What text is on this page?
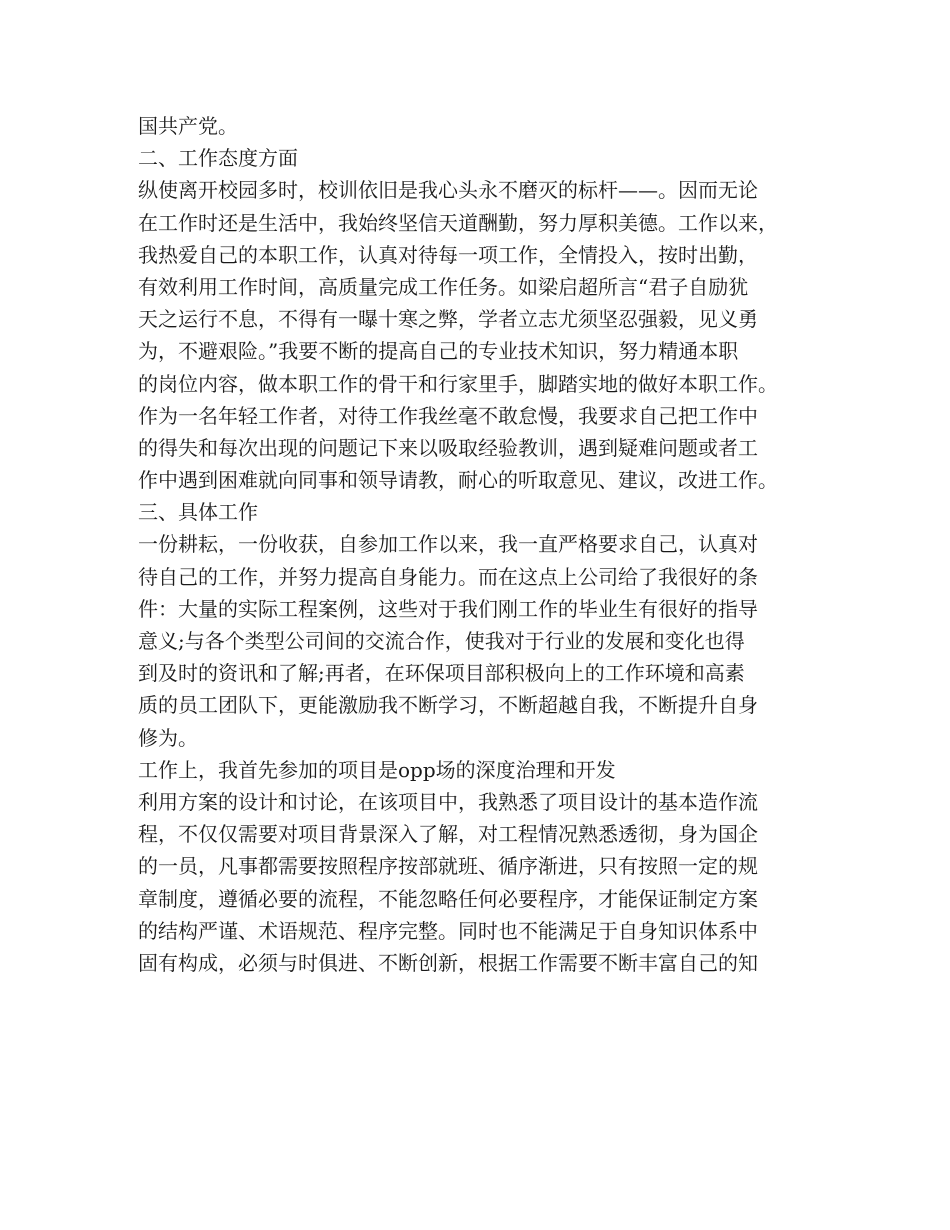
国共产党。
二、工作态度方面
纵使离开校园多时，校训依旧是我心头永不磨灭的标杆——。因而无论
在工作时还是生活中，我始终坚信天道酬勤，努力厚积美德。工作以来，
我热爱自己的本职工作，认真对待每一项工作，全情投入，按时出勤，
有效利用工作时间，高质量完成工作任务。如梁启超所言“君子自励犹
天之运行不息，不得有一曝十寒之弊，学者立志尤须坚忍强毅，见义勇
为，不避艰险。”我要不断的提高自己的专业技术知识，努力精通本职
的岗位内容，做本职工作的骨干和行家里手，脚踏实地的做好本职工作。
作为一名年轻工作者，对待工作我丝毫不敢怠慢，我要求自己把工作中
的得失和每次出现的问题记下来以吸取经验教训，遇到疑难问题或者工
作中遇到困难就向同事和领导请教，耐心的听取意见、建议，改进工作。
三、具体工作
一份耕耘，一份收获，自参加工作以来，我一直严格要求自己，认真对
待自己的工作，并努力提高自身能力。而在这点上公司给了我很好的条
件：大量的实际工程案例，这些对于我们刚工作的毕业生有很好的指导
意义;与各个类型公司间的交流合作，使我对于行业的发展和变化也得
到及时的资讯和了解;再者，在环保项目部积极向上的工作环境和高素
质的员工团队下，更能激励我不断学习，不断超越自我，不断提升自身
修为。
工作上，我首先参加的项目是opp场的深度治理和开发
利用方案的设计和讨论，在该项目中，我熟悉了项目设计的基本造作流
程，不仅仅需要对项目背景深入了解，对工程情况熟悉透彻，身为国企
的一员，凡事都需要按照程序按部就班、循序渐进，只有按照一定的规
章制度，遵循必要的流程，不能忽略任何必要程序，才能保证制定方案
的结构严谨、术语规范、程序完整。同时也不能满足于自身知识体系中
固有构成，必须与时俱进、不断创新，根据工作需要不断丰富自己的知
